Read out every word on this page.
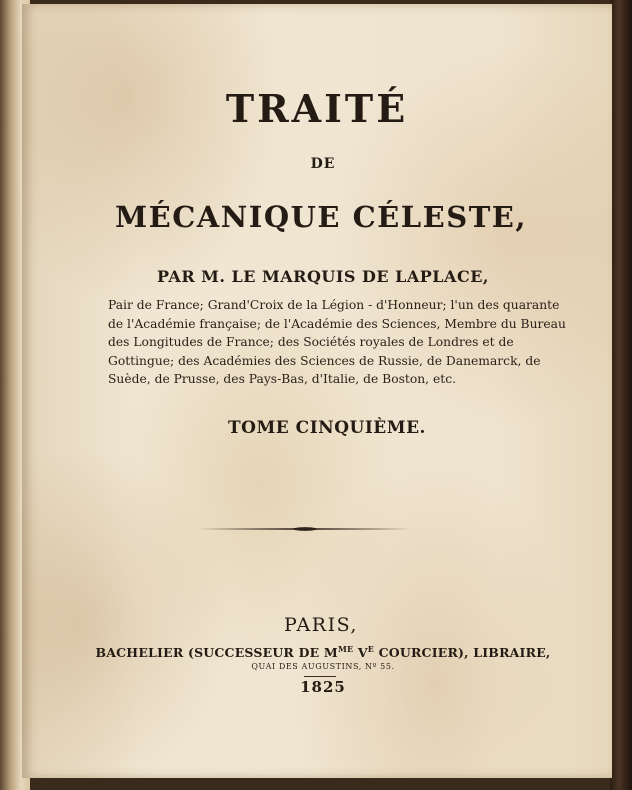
TRAITÉ
DE
MÉCANIQUE CÉLESTE,
PAR M. LE MARQUIS DE LAPLACE,
Pair de France; Grand'Croix de la Légion - d'Honneur; l'un des quarante
de l'Académie française; de l'Académie des Sciences, Membre du Bureau
des Longitudes de France; des Sociétés royales de Londres et de
Gottingue; des Académies des Sciences de Russie, de Danemarck, de
Suède, de Prusse, des Pays-Bas, d'Italie, de Boston, etc.
TOME CINQUIÈME.
PARIS,
BACHELIER (SUCCESSEUR DE $M^{ME}$ $V^E$ COURCIER), LIBRAIRE,
QUAI DES AUGUSTINS, Nº 55.
1825
